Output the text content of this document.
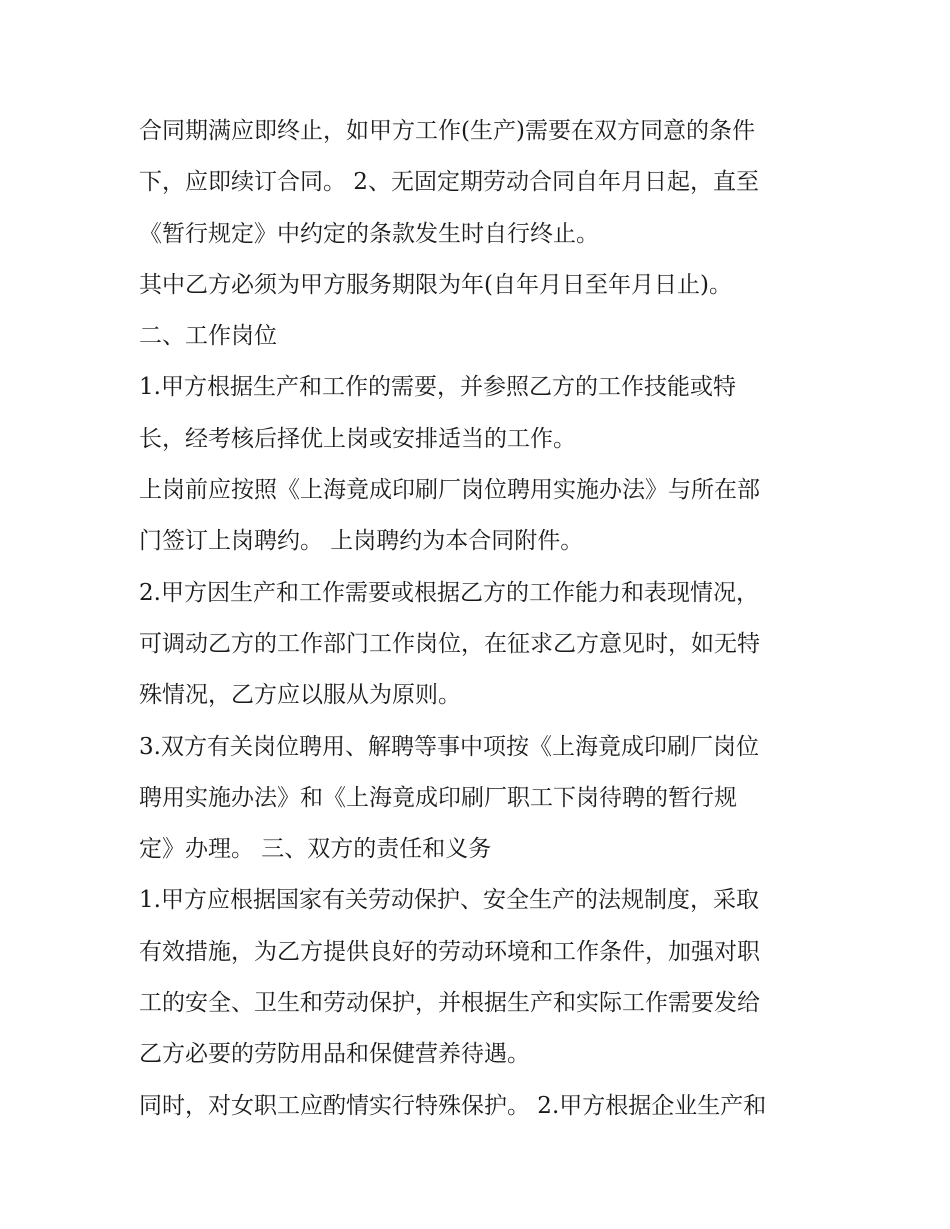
合同期满应即终止，如甲方工作(生产)需要在双方同意的条件
下，应即续订合同。 2、无固定期劳动合同自年月日起，直至
《暂行规定》中约定的条款发生时自行终止。
其中乙方必须为甲方服务期限为年(自年月日至年月日止)。
二、工作岗位
1.甲方根据生产和工作的需要，并参照乙方的工作技能或特
长，经考核后择优上岗或安排适当的工作。
上岗前应按照《上海竟成印刷厂岗位聘用实施办法》与所在部
门签订上岗聘约。 上岗聘约为本合同附件。
2.甲方因生产和工作需要或根据乙方的工作能力和表现情况，
可调动乙方的工作部门工作岗位，在征求乙方意见时，如无特
殊情况，乙方应以服从为原则。
3.双方有关岗位聘用、解聘等事中项按《上海竟成印刷厂岗位
聘用实施办法》和《上海竟成印刷厂职工下岗待聘的暂行规
定》办理。 三、双方的责任和义务
1.甲方应根据国家有关劳动保护、安全生产的法规制度，采取
有效措施，为乙方提供良好的劳动环境和工作条件，加强对职
工的安全、卫生和劳动保护，并根据生产和实际工作需要发给
乙方必要的劳防用品和保健营养待遇。
同时，对女职工应酌情实行特殊保护。 2.甲方根据企业生产和
